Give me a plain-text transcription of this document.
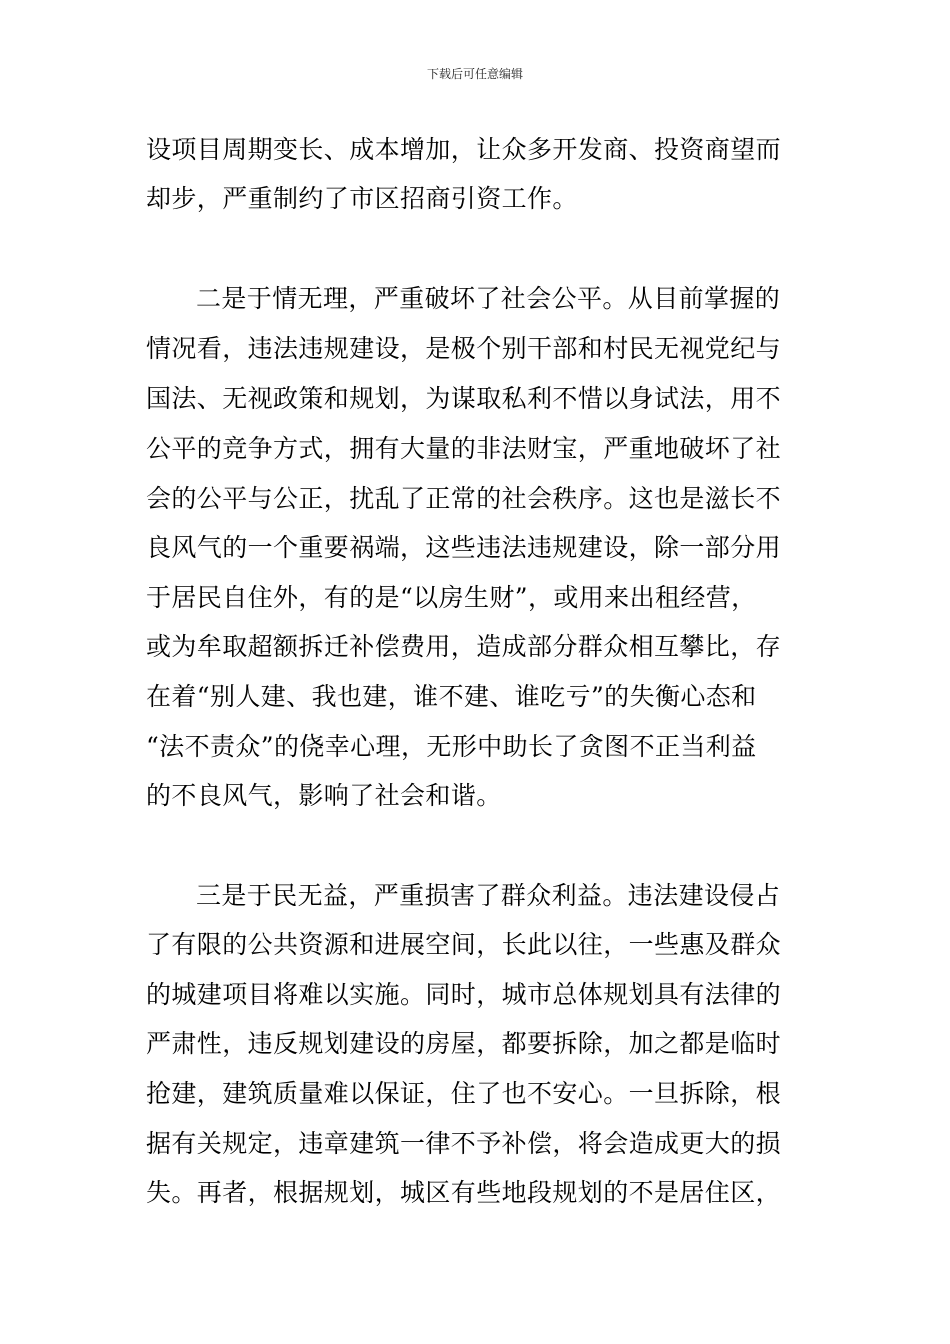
下载后可任意编辑
设项目周期变长、成本增加，让众多开发商、投资商望而
却步，严重制约了市区招商引资工作。
二是于情无理，严重破坏了社会公平。从目前掌握的
情况看，违法违规建设，是极个别干部和村民无视党纪与
国法、无视政策和规划，为谋取私利不惜以身试法，用不
公平的竞争方式，拥有大量的非法财宝，严重地破坏了社
会的公平与公正，扰乱了正常的社会秩序。这也是滋长不
良风气的一个重要祸端，这些违法违规建设，除一部分用
于居民自住外，有的是“以房生财”，或用来出租经营，
或为牟取超额拆迁补偿费用，造成部分群众相互攀比，存
在着“别人建、我也建，谁不建、谁吃亏”的失衡心态和
“法不责众”的侥幸心理，无形中助长了贪图不正当利益
的不良风气，影响了社会和谐。
三是于民无益，严重损害了群众利益。违法建设侵占
了有限的公共资源和进展空间，长此以往，一些惠及群众
的城建项目将难以实施。同时，城市总体规划具有法律的
严肃性，违反规划建设的房屋，都要拆除，加之都是临时
抢建，建筑质量难以保证，住了也不安心。一旦拆除，根
据有关规定，违章建筑一律不予补偿，将会造成更大的损
失。再者，根据规划，城区有些地段规划的不是居住区，
